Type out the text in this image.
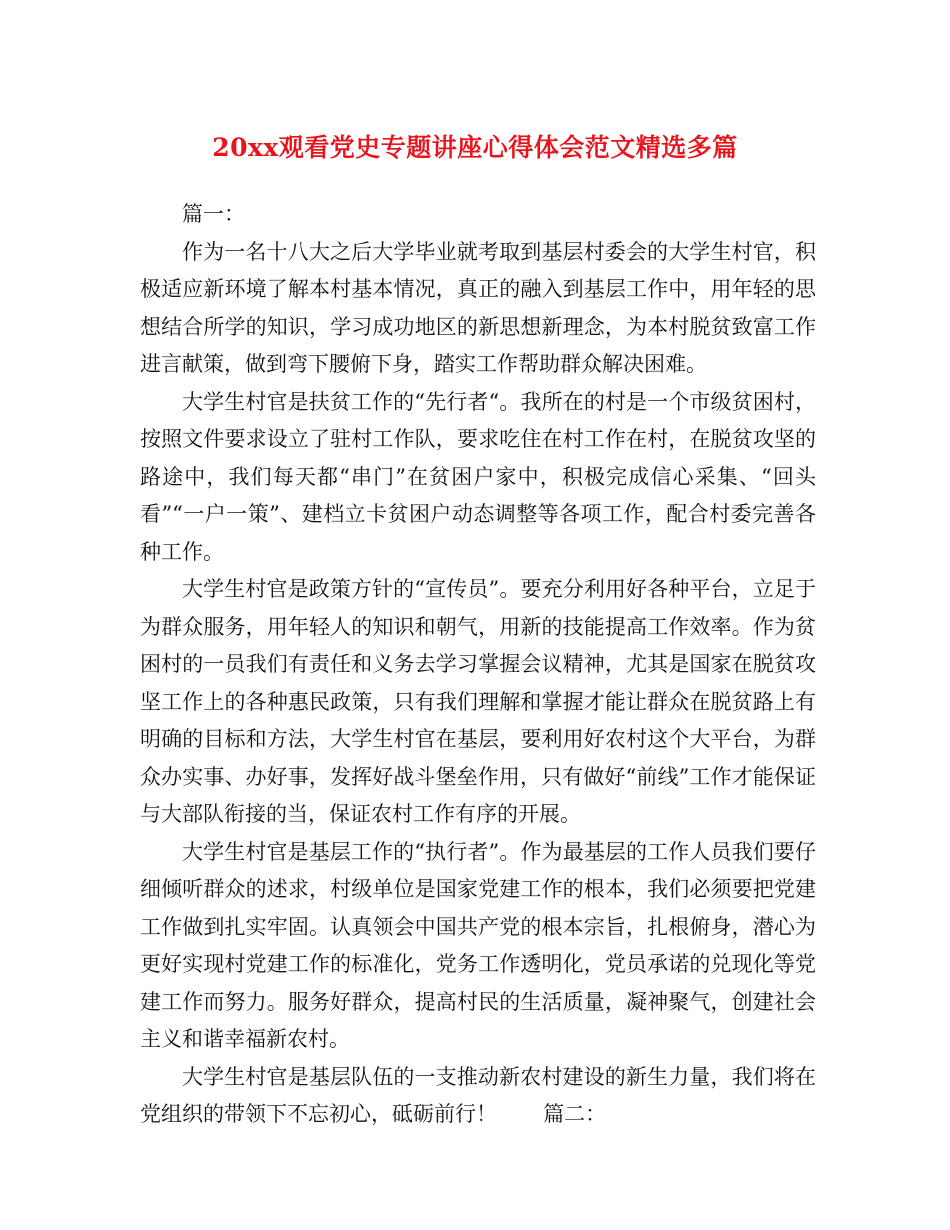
20xx观看党史专题讲座心得体会范文精选多篇

篇一：

作为一名十八大之后大学毕业就考取到基层村委会的大学生村官，积极适应新环境了解本村基本情况，真正的融入到基层工作中，用年轻的思想结合所学的知识，学习成功地区的新思想新理念，为本村脱贫致富工作进言献策，做到弯下腰俯下身，踏实工作帮助群众解决困难。

大学生村官是扶贫工作的“先行者“。我所在的村是一个市级贫困村，按照文件要求设立了驻村工作队，要求吃住在村工作在村，在脱贫攻坚的路途中，我们每天都“串门”在贫困户家中，积极完成信心采集、“回头看”“一户一策”、建档立卡贫困户动态调整等各项工作，配合村委完善各种工作。

大学生村官是政策方针的“宣传员”。要充分利用好各种平台，立足于为群众服务，用年轻人的知识和朝气，用新的技能提高工作效率。作为贫困村的一员我们有责任和义务去学习掌握会议精神，尤其是国家在脱贫攻坚工作上的各种惠民政策，只有我们理解和掌握才能让群众在脱贫路上有明确的目标和方法，大学生村官在基层，要利用好农村这个大平台，为群众办实事、办好事，发挥好战斗堡垒作用，只有做好“前线”工作才能保证与大部队衔接的当，保证农村工作有序的开展。

大学生村官是基层工作的“执行者”。作为最基层的工作人员我们要仔细倾听群众的述求，村级单位是国家党建工作的根本，我们必须要把党建工作做到扎实牢固。认真领会中国共产党的根本宗旨，扎根俯身，潜心为更好实现村党建工作的标准化，党务工作透明化，党员承诺的兑现化等党建工作而努力。服务好群众，提高村民的生活质量，凝神聚气，创建社会主义和谐幸福新农村。

大学生村官是基层队伍的一支推动新农村建设的新生力量，我们将在党组织的带领下不忘初心，砥砺前行！ 篇二：
